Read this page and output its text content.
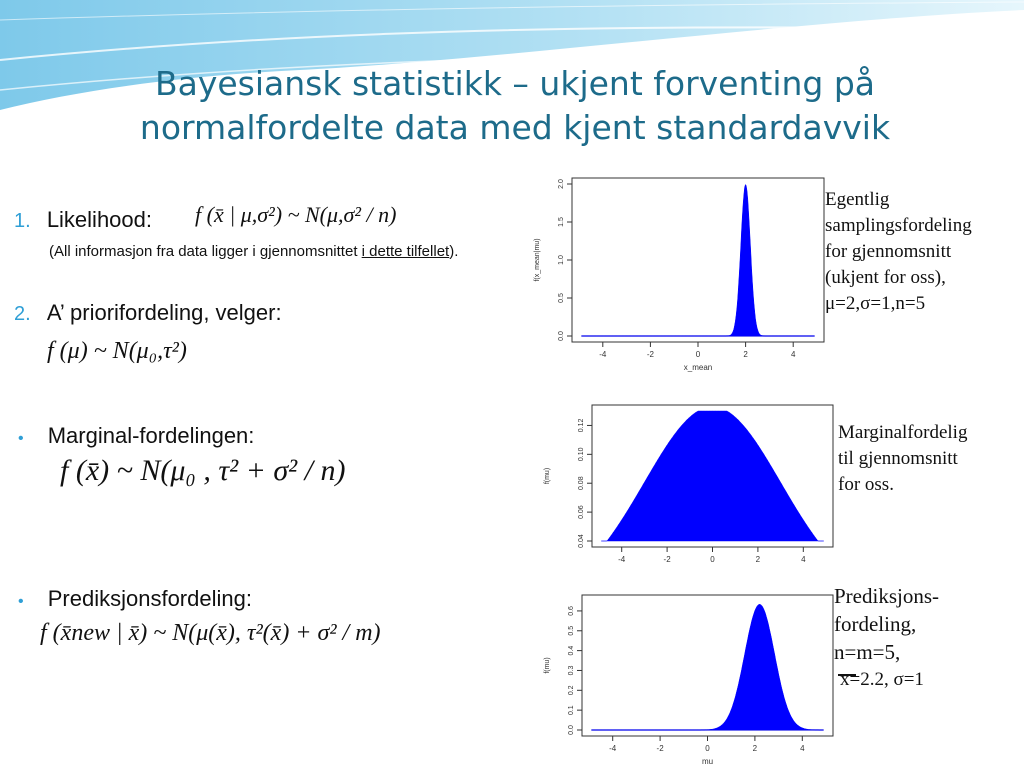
Bayesiansk statistikk – ukjent forventing på normalfordelte data med kjent standardavvik
1. Likelihood: f (x̄ | μ,σ²) ~ N(μ,σ² / n)
(All informasjon fra data ligger i gjennomsnittet i dette tilfellet).
2. A’ priorifordeling, velger:
f (μ) ~ N(μ₀,τ²)
• Marginal-fordelingen:
f (x̄) ~ N(μ₀ , τ² + σ² / n)
• Prediksjonsfordeling:
f (x̄new | x̄) ~ N(μ(x̄), τ²(x̄) + σ² / m)
-4	-2	0	2	4
0.0
0.5
1.0
1.5
2.0
x_mean
f(x_mean|mu)
-4	-2	0	2	4
0.04
0.06
0.08
0.10
0.12
f(mu)
-4	-2	0	2	4
0.0
0.1
0.2
0.3
0.4
0.5
0.6
mu
f(mu)
Egentlig
samplingsfordeling
for gjennomsnitt
(ukjent for oss),
μ=2,σ=1,n=5
Marginalfordelig
til gjennomsnitt
for oss.
Prediksjons-
fordeling,
n=m=5,
x=2.2, σ=1
